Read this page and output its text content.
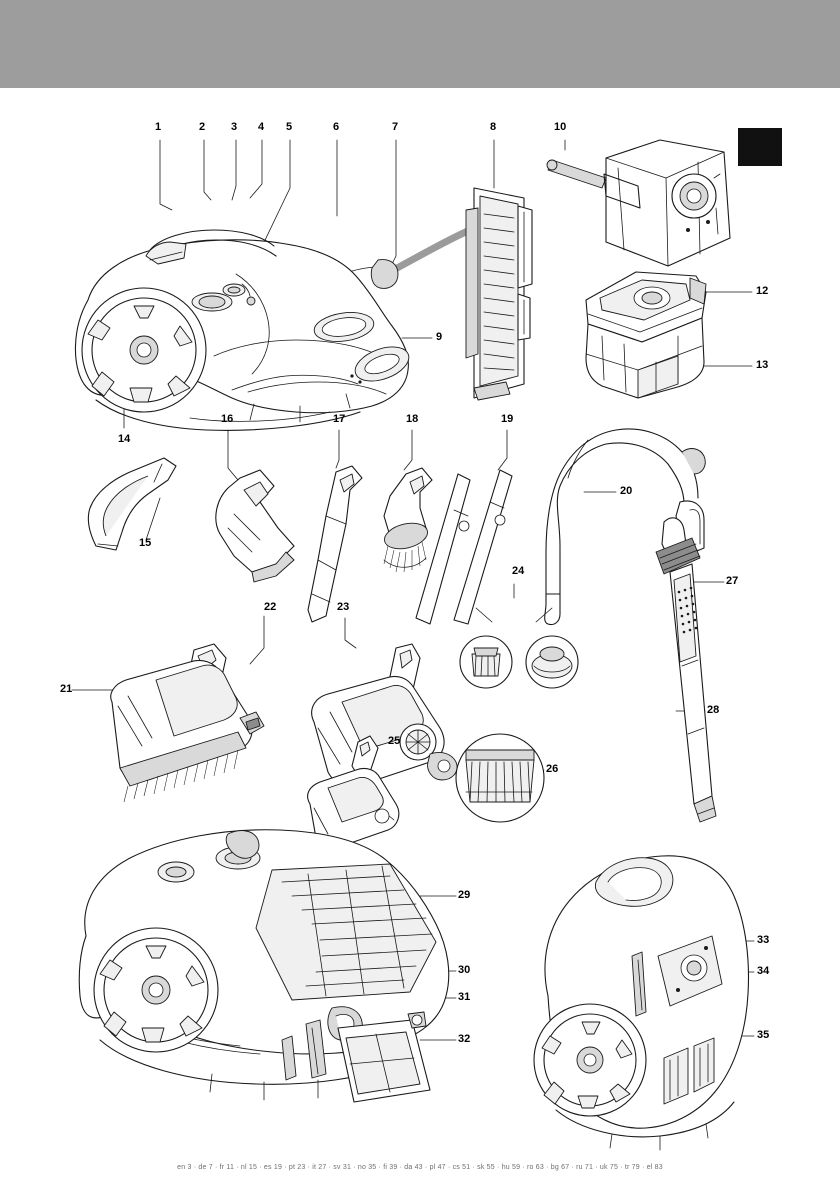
1	2 3 4 5	6	7	8
9
10
12
13
14
15
16	17	18	19
20
21
22	23
24
25
26
27
28
29
30
31
32
33
34
35
en 3 · de 7 · fr 11 · nl 15 · es 19 · pt 23 · it 27 · sv 31 · no 35 · fi 39 · da 43 · pl 47 · cs 51 · sk 55 · hu 59 · ro 63 · bg 67 · ru 71 · uk 75 · tr 79 · el 83
